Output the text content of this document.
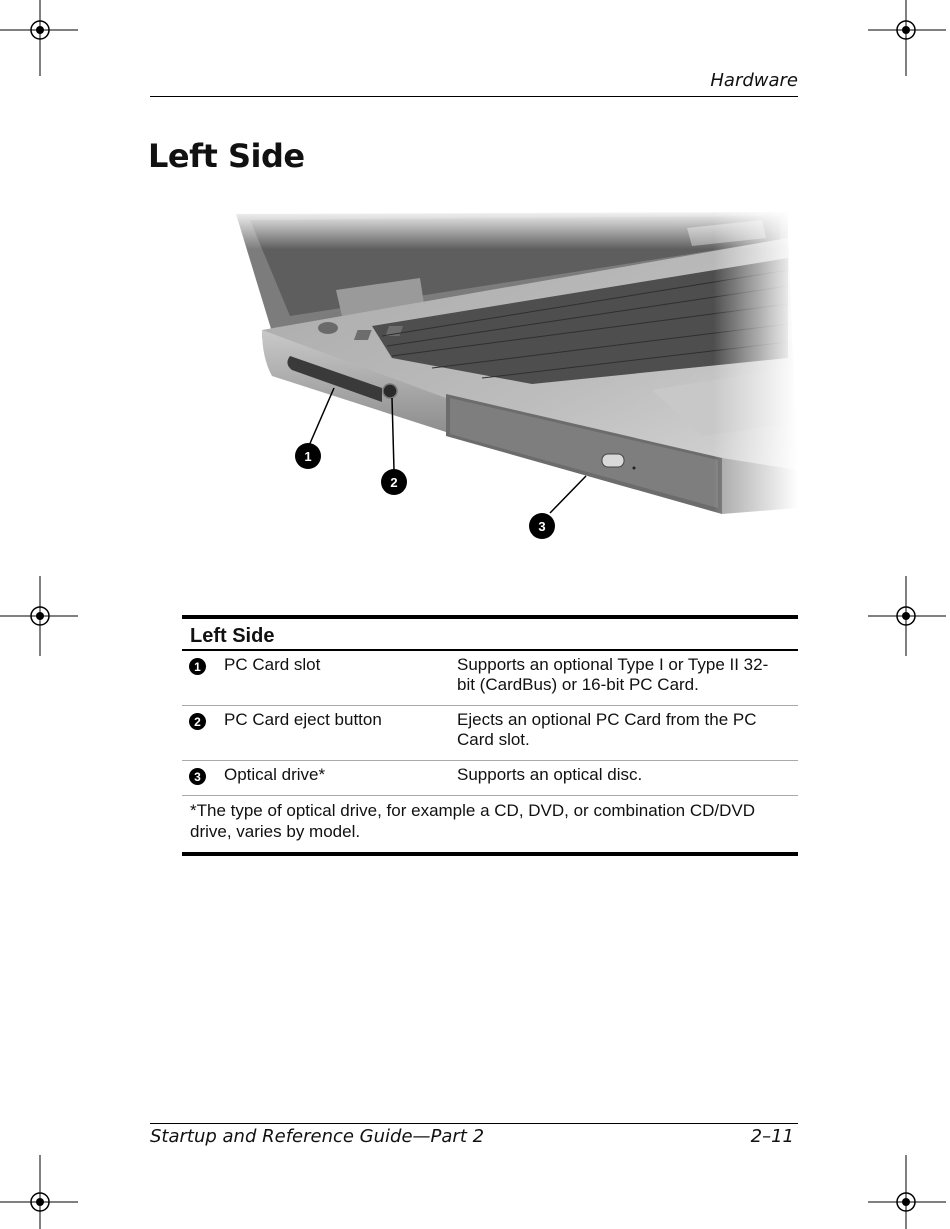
Hardware
Left Side
1
2
3
Left Side
1	PC Card slot	Supports an optional Type I or Type II 32-bit (CardBus) or 16-bit PC Card.
2	PC Card eject button	Ejects an optional PC Card from the PC Card slot.
3	Optical drive*	Supports an optical disc.
*The type of optical drive, for example a CD, DVD, or combination CD/DVD drive, varies by model.
Startup and Reference Guide—Part 2	2–11
